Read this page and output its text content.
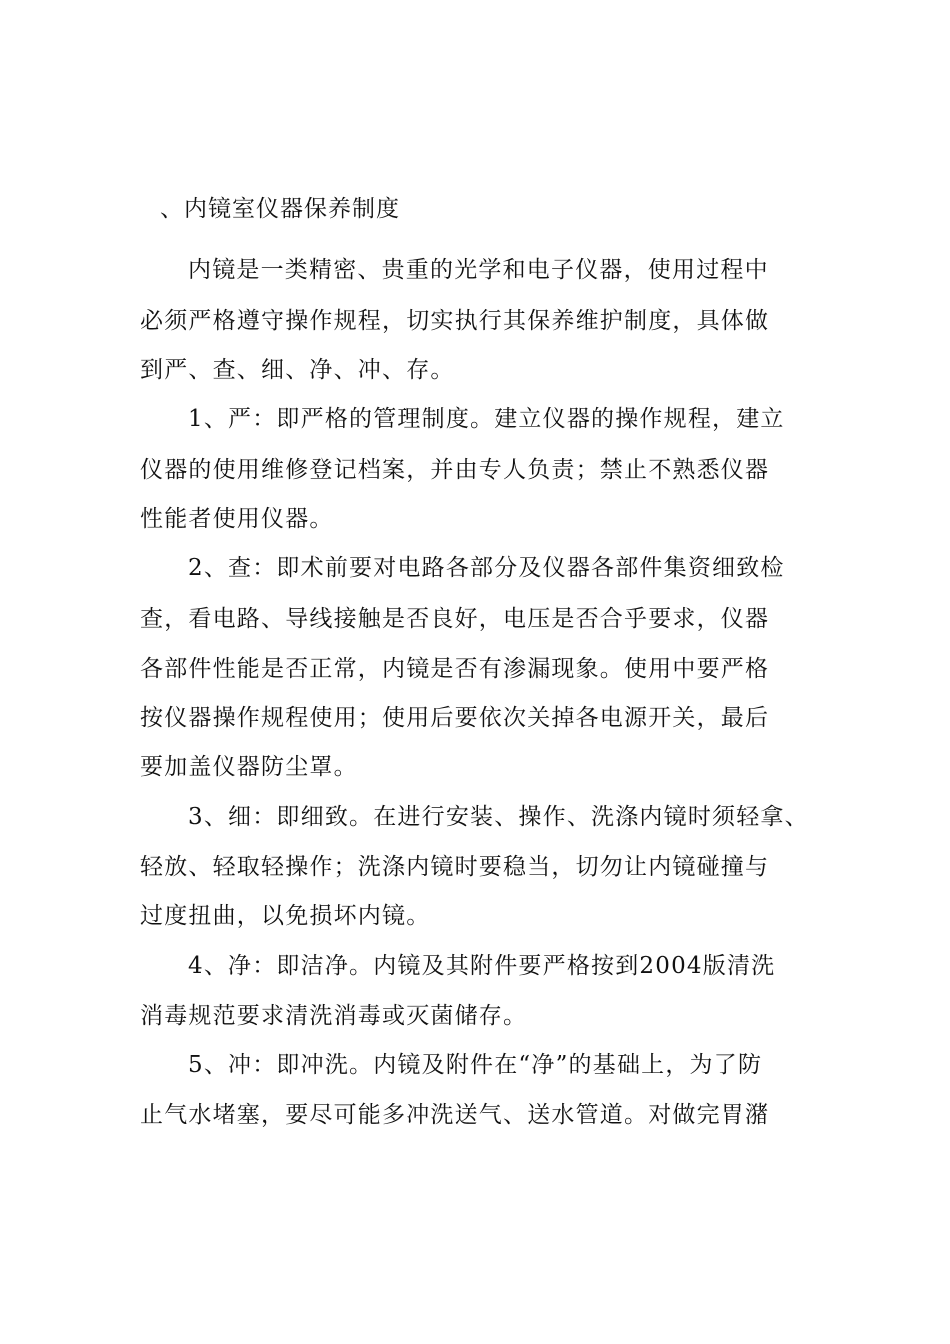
、内镜室仪器保养制度
内镜是一类精密、贵重的光学和电子仪器，使用过程中
必须严格遵守操作规程，切实执行其保养维护制度，具体做
到严、查、细、净、冲、存。
1、严：即严格的管理制度。建立仪器的操作规程，建立
仪器的使用维修登记档案，并由专人负责；禁止不熟悉仪器
性能者使用仪器。
2、查：即术前要对电路各部分及仪器各部件集资细致检
查，看电路、导线接触是否良好，电压是否合乎要求，仪器
各部件性能是否正常，内镜是否有渗漏现象。使用中要严格
按仪器操作规程使用；使用后要依次关掉各电源开关，最后
要加盖仪器防尘罩。
3、细：即细致。在进行安装、操作、洗涤内镜时须轻拿、
轻放、轻取轻操作；洗涤内镜时要稳当，切勿让内镜碰撞与
过度扭曲，以免损坏内镜。
4、净：即洁净。内镜及其附件要严格按到2004版清洗
消毒规范要求清洗消毒或灭菌储存。
5、冲：即冲洗。内镜及附件在“净”的基础上，为了防
止气水堵塞，要尽可能多冲洗送气、送水管道。对做完胃潴
